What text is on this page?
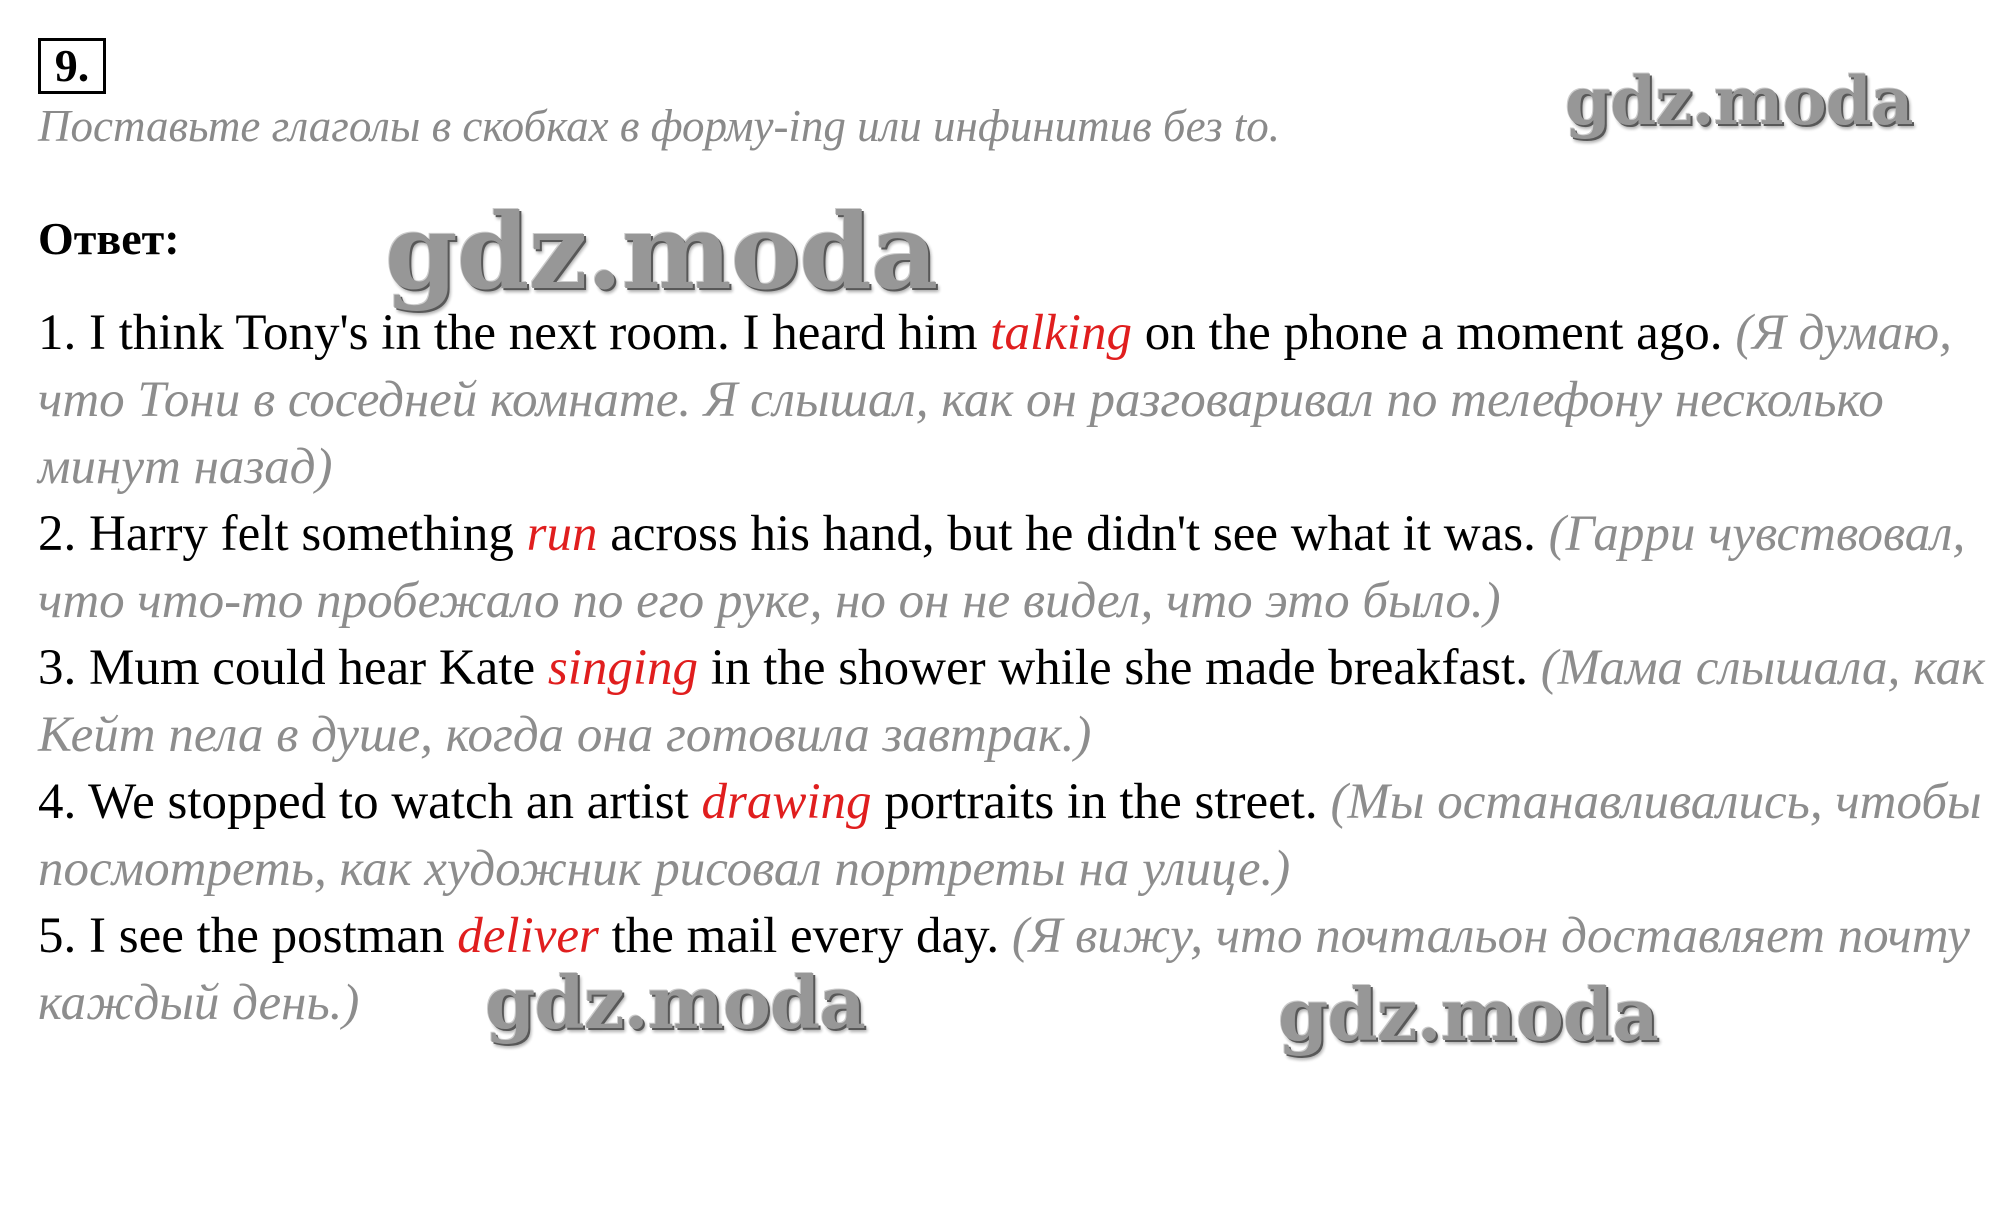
9.
Поставьте глаголы в скобках в форму-ing или инфинитив без to.	gdz.moda
Ответ: gdz.moda

1. I think Tony's in the next room. I heard him talking on the phone a moment ago. (Я думаю, что Тони в соседней комнате. Я слышал, как он разговаривал по телефону несколько минут назад)

2. Harry felt something run across his hand, but he didn't see what it was. (Гарри чувствовал, что что-то пробежало по его руке, но он не видел, что это было.)

3. Mum could hear Kate singing in the shower while she made breakfast. (Мама слышала, как Кейт пела в душе, когда она готовила завтрак.)

4. We stopped to watch an artist drawing portraits in the street. (Мы останавливались, чтобы посмотреть, как художник рисовал портреты на улице.)

5. I see the postman deliver the mail every day. (Я вижу, что почтальон доставляет почту каждый день.)	gdz.moda	gdz.moda
